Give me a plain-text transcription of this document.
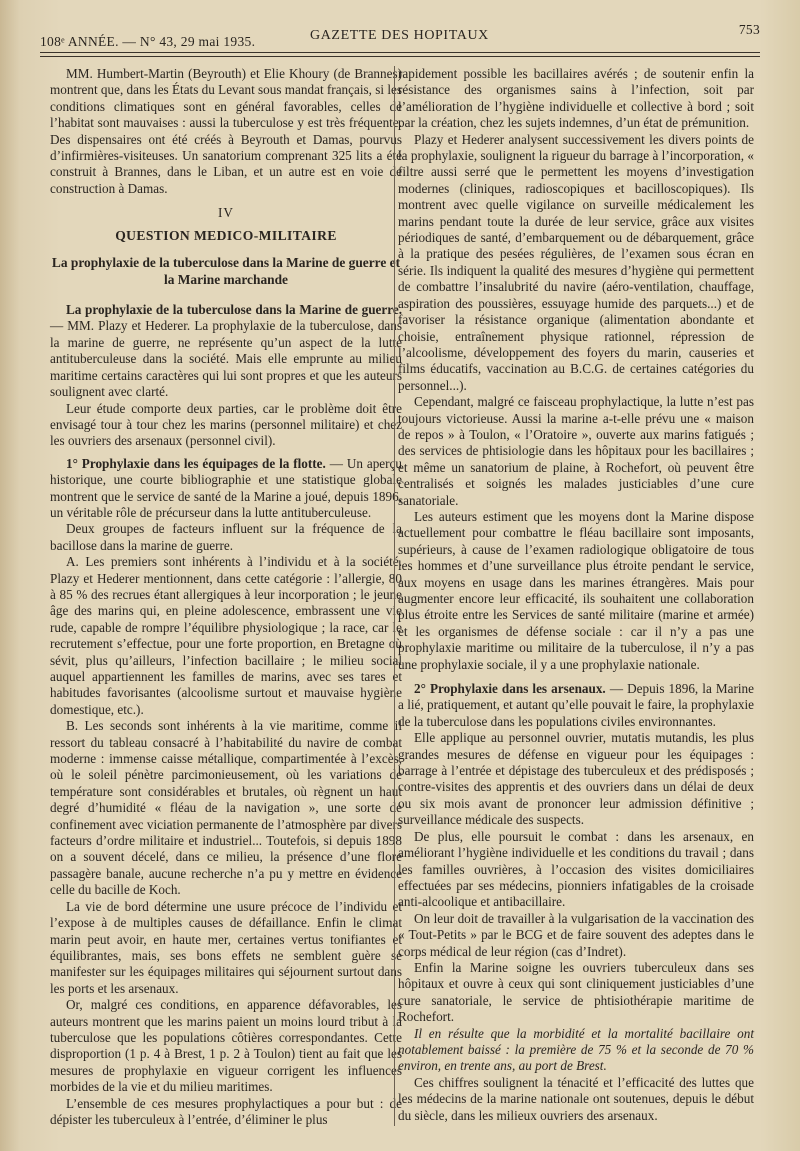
108ᵉ ANNÉE. — N° 43, 29 mai 1935.	GAZETTE DES HOPITAUX	753

MM. Humbert-Martin (Beyrouth) et Elie Khoury (de Brannes) montrent que, dans les États du Levant sous mandat français, si les conditions climatiques sont en général favorables, celles de l’habitat sont mauvaises : aussi la tuberculose y est très fréquente. Des dispensaires ont été créés à Beyrouth et Damas, pourvus d’infirmières-visiteuses. Un sanatorium comprenant 325 lits a été construit à Brannes, dans le Liban, et un autre est en voie de construction à Damas.

IV
QUESTION MEDICO-MILITAIRE
La prophylaxie de la tuberculose dans la Marine de guerre et la Marine marchande

La prophylaxie de la tuberculose dans la Marine de guerre. — MM. Plazy et Hederer. La prophylaxie de la tuberculose, dans la marine de guerre, ne représente qu’un aspect de la lutte antituberculeuse dans la société. Mais elle emprunte au milieu maritime certains caractères qui lui sont propres et que les auteurs soulignent avec clarté.

Leur étude comporte deux parties, car le problème doit être envisagé tour à tour chez les marins (personnel militaire) et chez les ouvriers des arsenaux (personnel civil).

1° Prophylaxie dans les équipages de la flotte. — Un aperçu historique, une courte bibliographie et une statistique globale montrent que le service de santé de la Marine a joué, depuis 1896, un véritable rôle de précurseur dans la lutte antituberculeuse.

Deux groupes de facteurs influent sur la fréquence de la bacillose dans la marine de guerre.

A. Les premiers sont inhérents à l’individu et à la société. Plazy et Hederer mentionnent, dans cette catégorie : l’allergie, 80 à 85 % des recrues étant allergiques à leur incorporation ; le jeune âge des marins qui, en pleine adolescence, embrassent une vie rude, capable de rompre l’équilibre physiologique ; la race, car le recrutement s’effectue, pour une forte proportion, en Bretagne où sévit, plus qu’ailleurs, l’infection bacillaire ; le milieu social auquel appartiennent les familles de marins, avec ses tares et habitudes favorisantes (alcoolisme surtout et mauvaise hygiène domestique, etc.).

B. Les seconds sont inhérents à la vie maritime, comme il ressort du tableau consacré à l’habitabilité du navire de combat moderne : immense caisse métallique, compartimentée à l’excès, où le soleil pénètre parcimonieusement, où les variations de température sont considérables et brutales, où règnent un haut degré d’humidité « fléau de la navigation », une sorte de confinement avec viciation permanente de l’atmosphère par divers facteurs d’ordre militaire et industriel... Toutefois, si depuis 1898 on a souvent décelé, dans ce milieu, la présence d’une flore passagère banale, aucune recherche n’a pu y mettre en évidence celle du bacille de Koch.

La vie de bord détermine une usure précoce de l’individu et l’expose à de multiples causes de défaillance. Enfin le climat marin peut avoir, en haute mer, certaines vertus tonifiantes et équilibrantes, mais, ses bons effets ne semblent guère se manifester sur les équipages militaires qui séjournent surtout dans les ports et les arsenaux.

Or, malgré ces conditions, en apparence défavorables, les auteurs montrent que les marins paient un moins lourd tribut à la tuberculose que les populations côtières correspondantes. Cette disproportion (1 p. 4 à Brest, 1 p. 2 à Toulon) tient au fait que les mesures de prophylaxie en vigueur corrigent les influences morbides de la vie et du milieu maritimes.

L’ensemble de ces mesures prophylactiques a pour but : de dépister les tuberculeux à l’entrée, d’éliminer le plus

rapidement possible les bacillaires avérés ; de soutenir enfin la résistance des organismes sains à l’infection, soit par l’amélioration de l’hygiène individuelle et collective à bord ; soit par la création, chez les sujets indemnes, d’un état de prémunition.

Plazy et Hederer analysent successivement les divers points de la prophylaxie, soulignent la rigueur du barrage à l’incorporation, « filtre aussi serré que le permettent les moyens d’investigation modernes (cliniques, radioscopiques et bacilloscopiques). Ils montrent avec quelle vigilance on surveille médicalement les marins pendant toute la durée de leur service, grâce aux visites périodiques de santé, d’embarquement ou de débarquement, grâce à la pratique des pesées régulières, de l’examen sous écran en série. Ils indiquent la qualité des mesures d’hygiène qui permettent de combattre l’insalubrité du navire (aéro-ventilation, chauffage, aspiration des poussières, essuyage humide des parquets...) et de favoriser la résistance organique (alimentation abondante et choisie, entraînement physique rationnel, répression de l’alcoolisme, développement des foyers du marin, causeries et films éducatifs, vaccination au B.C.G. de certaines catégories du personnel...).

Cependant, malgré ce faisceau prophylactique, la lutte n’est pas toujours victorieuse. Aussi la marine a-t-elle prévu une « maison de repos » à Toulon, « l’Oratoire », ouverte aux marins fatigués ; des services de phtisiologie dans les hôpitaux pour les bacillaires ; et même un sanatorium de plaine, à Rochefort, où peuvent être centralisés et soignés les malades justiciables d’une cure sanatoriale.

Les auteurs estiment que les moyens dont la Marine dispose actuellement pour combattre le fléau bacillaire sont imposants, supérieurs, à cause de l’examen radiologique obligatoire de tous les hommes et d’une surveillance plus étroite pendant le service, aux moyens en usage dans les marines étrangères. Mais pour augmenter encore leur efficacité, ils souhaitent une collaboration plus étroite entre les Services de santé militaire (marine et armée) et les organismes de défense sociale : car il n’y a pas une prophylaxie maritime ou militaire de la tuberculose, il n’y a pas une prophylaxie sociale, il y a une prophylaxie nationale.

2° Prophylaxie dans les arsenaux. — Depuis 1896, la Marine a lié, pratiquement, et autant qu’elle pouvait le faire, la prophylaxie de la tuberculose dans les populations civiles environnantes.

Elle applique au personnel ouvrier, mutatis mutandis, les plus grandes mesures de défense en vigueur pour les équipages : barrage à l’entrée et dépistage des tuberculeux et des prédisposés ; contre-visites des apprentis et des ouvriers dans un délai de deux ou six mois avant de prononcer leur admission définitive ; surveillance médicale des suspects.

De plus, elle poursuit le combat : dans les arsenaux, en améliorant l’hygiène individuelle et les conditions du travail ; dans les familles ouvrières, à l’occasion des visites domiciliaires effectuées par ses médecins, pionniers infatigables de la croisade anti-alcoolique et antibacillaire.

On leur doit de travailler à la vulgarisation de la vaccination des « Tout-Petits » par le BCG et de faire souvent des adeptes dans le corps médical de leur région (cas d’Indret).

Enfin la Marine soigne les ouvriers tuberculeux dans ses hôpitaux et ouvre à ceux qui sont cliniquement justiciables d’une cure sanatoriale, le service de phtisiothérapie maritime de Rochefort.

Il en résulte que la morbidité et la mortalité bacillaire ont notablement baissé : la première de 75 % et la seconde de 70 % environ, en trente ans, au port de Brest.

Ces chiffres soulignent la ténacité et l’efficacité des luttes que les médecins de la marine nationale ont soutenues, depuis le début du siècle, dans les milieux ouvriers des arsenaux.
